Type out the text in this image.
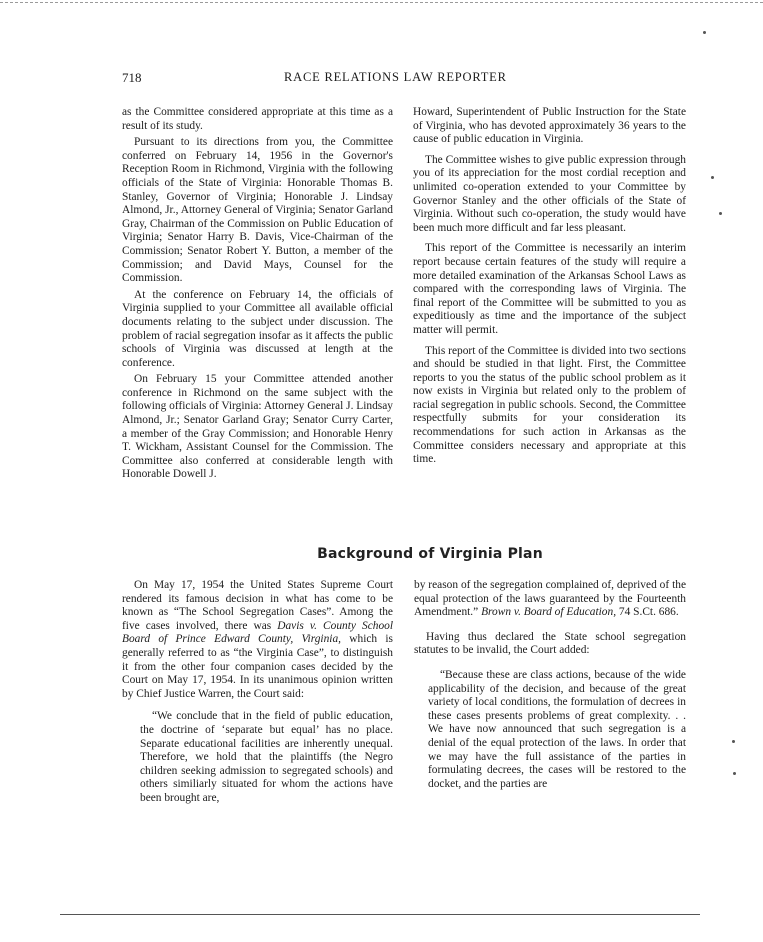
718	RACE RELATIONS LAW REPORTER

as the Committee considered appropriate at this time as a result of its study.

Pursuant to its directions from you, the Committee conferred on February 14, 1956 in the Governor's Reception Room in Richmond, Virginia with the following officials of the State of Virginia: Honorable Thomas B. Stanley, Governor of Virginia; Honorable J. Lindsay Almond, Jr., Attorney General of Virginia; Senator Garland Gray, Chairman of the Commission on Public Education of Virginia; Senator Harry B. Davis, Vice-Chairman of the Commission; Senator Robert Y. Button, a member of the Commission; and David Mays, Counsel for the Commission.

At the conference on February 14, the officials of Virginia supplied to your Committee all available official documents relating to the subject under discussion. The problem of racial segregation insofar as it affects the public schools of Virginia was discussed at length at the conference.

On February 15 your Committee attended another conference in Richmond on the same subject with the following officials of Virginia: Attorney General J. Lindsay Almond, Jr.; Senator Garland Gray; Senator Curry Carter, a member of the Gray Commission; and Honorable Henry T. Wickham, Assistant Counsel for the Commission. The Committee also conferred at considerable length with Honorable Dowell J.

Howard, Superintendent of Public Instruction for the State of Virginia, who has devoted approximately 36 years to the cause of public education in Virginia.

The Committee wishes to give public expression through you of its appreciation for the most cordial reception and unlimited co-operation extended to your Committee by Governor Stanley and the other officials of the State of Virginia. Without such co-operation, the study would have been much more difficult and far less pleasant.

This report of the Committee is necessarily an interim report because certain features of the study will require a more detailed examination of the Arkansas School Laws as compared with the corresponding laws of Virginia. The final report of the Committee will be submitted to you as expeditiously as time and the importance of the subject matter will permit.

This report of the Committee is divided into two sections and should be studied in that light. First, the Committee reports to you the status of the public school problem as it now exists in Virginia but related only to the problem of racial segregation in public schools. Second, the Committee respectfully submits for your consideration its recommendations for such action in Arkansas as the Committee considers necessary and appropriate at this time.

Background of Virginia Plan

On May 17, 1954 the United States Supreme Court rendered its famous decision in what has come to be known as “The School Segregation Cases”. Among the five cases involved, there was Davis v. County School Board of Prince Edward County, Virginia, which is generally referred to as “the Virginia Case”, to distinguish it from the other four companion cases decided by the Court on May 17, 1954. In its unanimous opinion written by Chief Justice Warren, the Court said:

“We conclude that in the field of public education, the doctrine of ‘separate but equal’ has no place. Separate educational facilities are inherently unequal. Therefore, we hold that the plaintiffs (the Negro children seeking admission to segregated schools) and others similiarly situated for whom the actions have been brought are,

by reason of the segregation complained of, deprived of the equal protection of the laws guaranteed by the Fourteenth Amendment.” Brown v. Board of Education, 74 S.Ct. 686.

Having thus declared the State school segregation statutes to be invalid, the Court added:

“Because these are class actions, because of the wide applicability of the decision, and because of the great variety of local conditions, the formulation of decrees in these cases presents problems of great complexity. . . We have now announced that such segregation is a denial of the equal protection of the laws. In order that we may have the full assistance of the parties in formulating decrees, the cases will be restored to the docket, and the parties are
